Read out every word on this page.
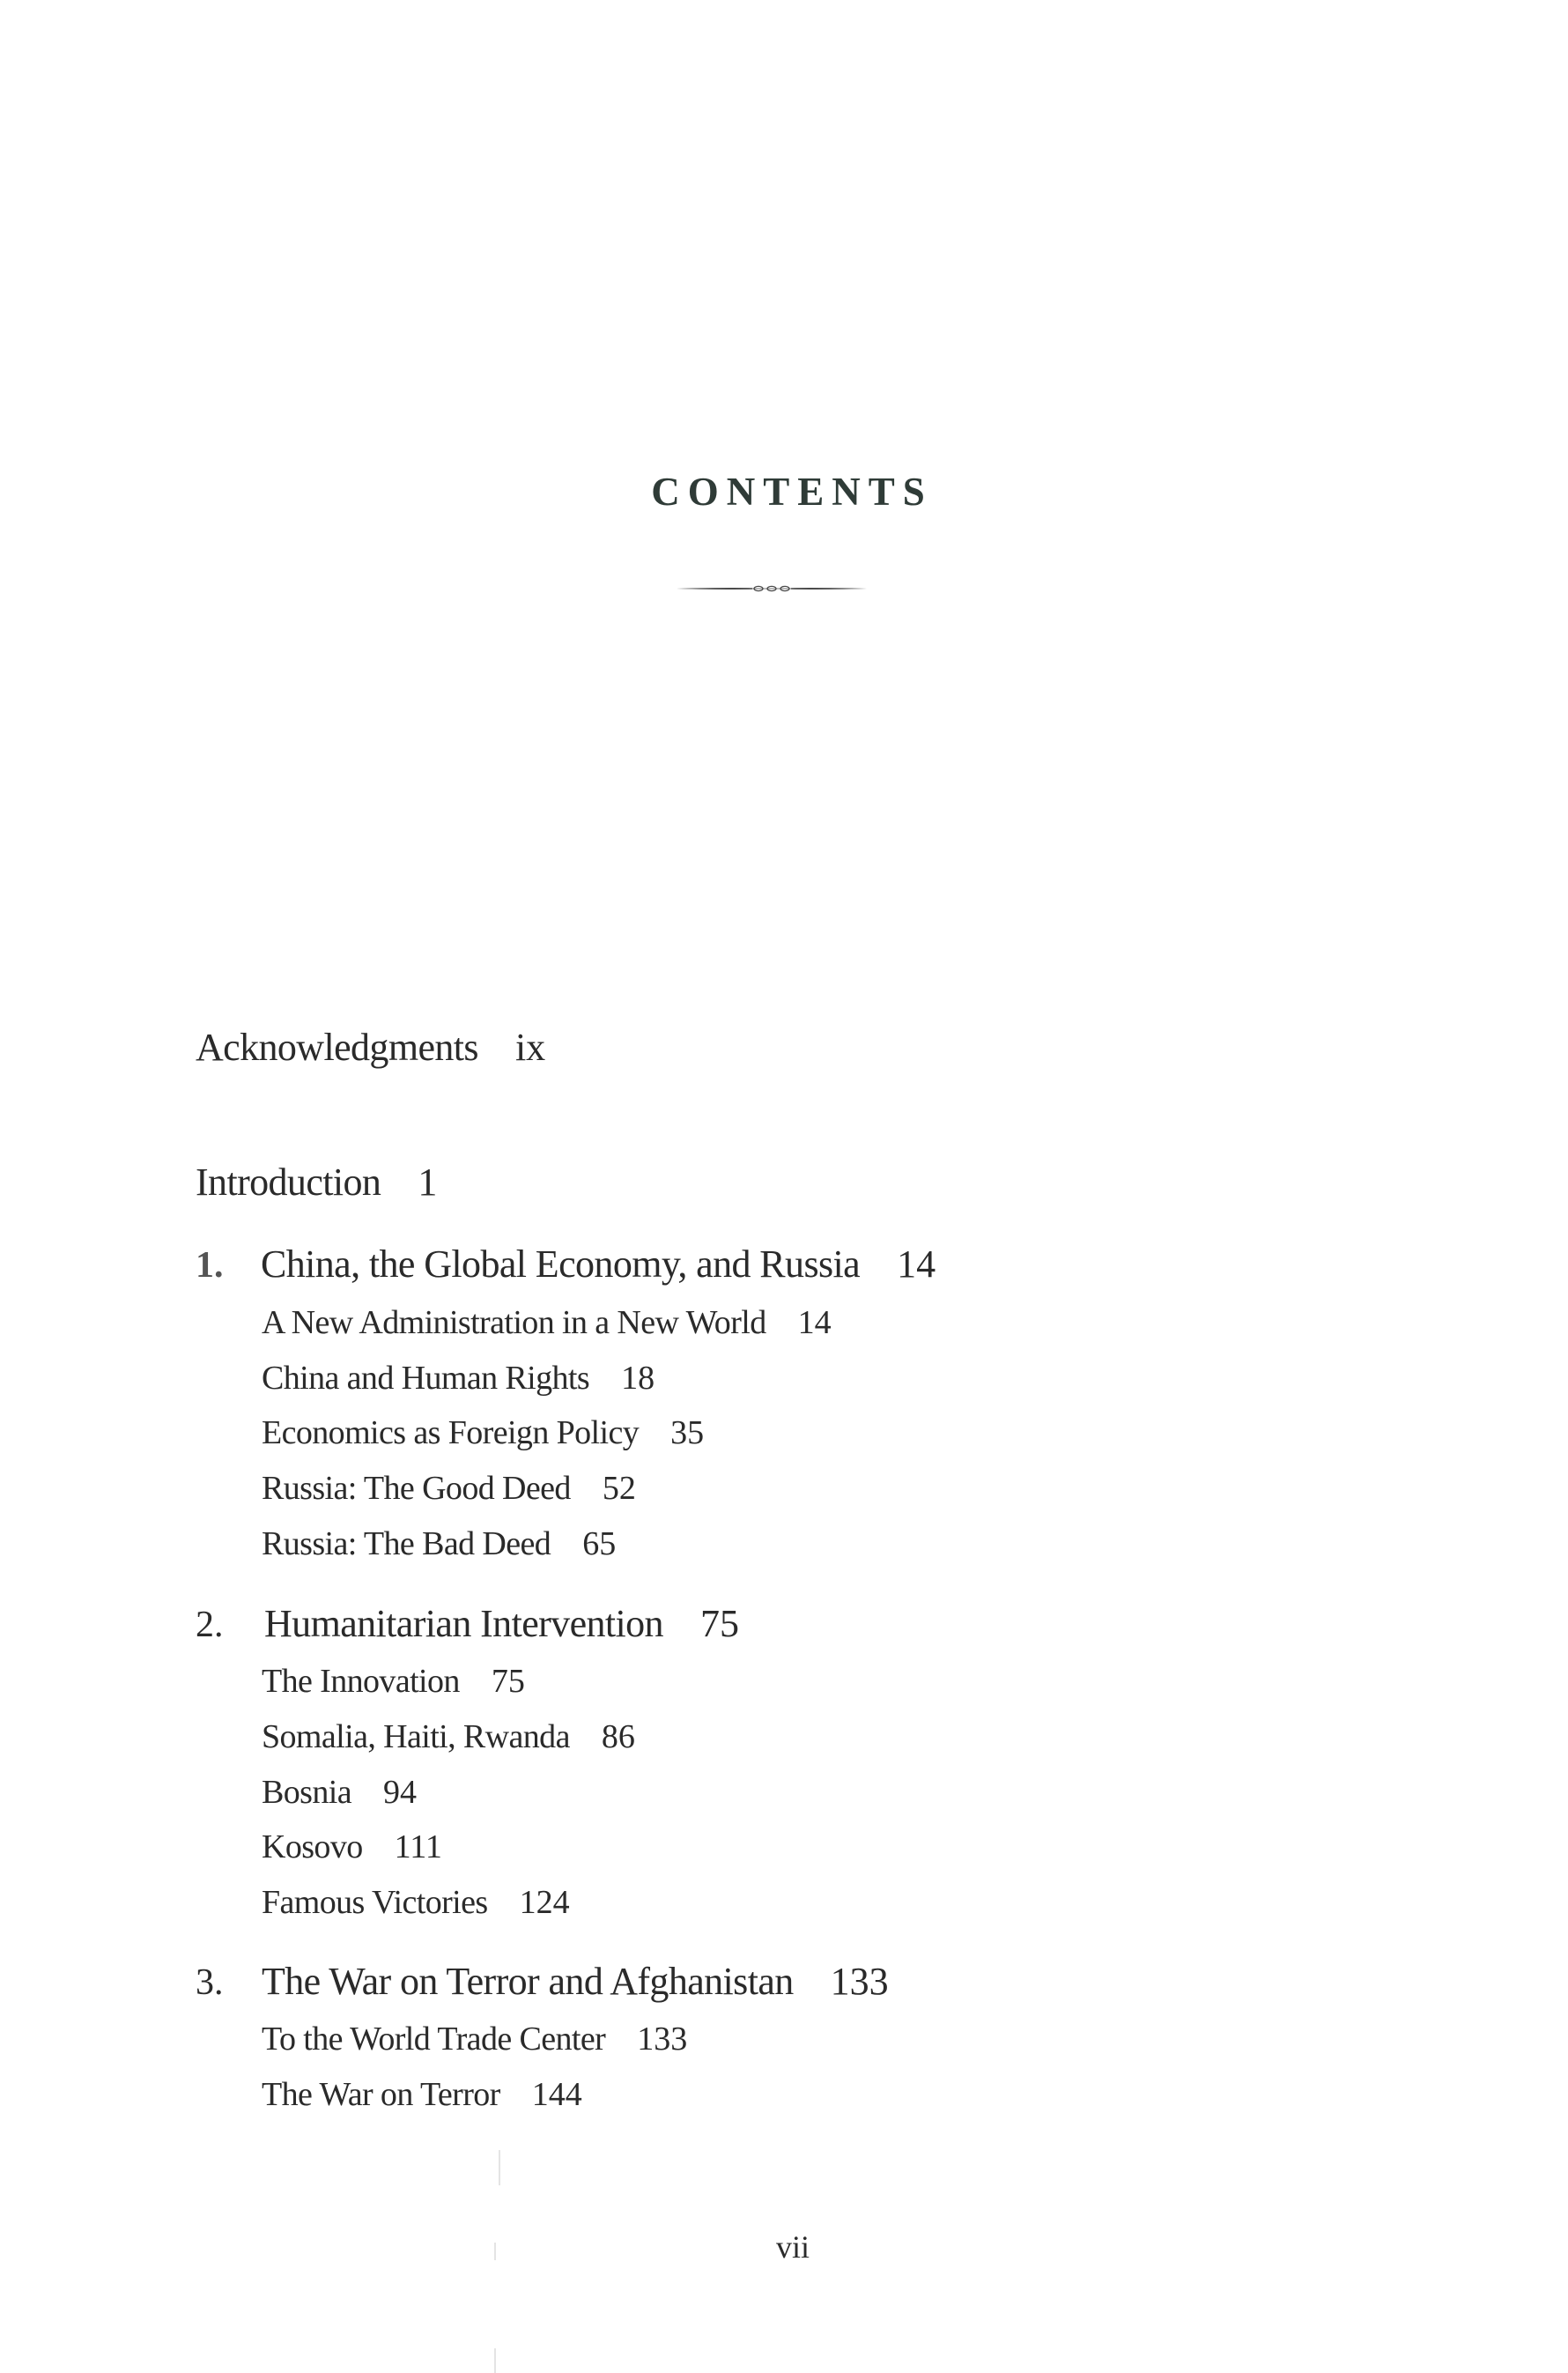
CONTENTS
Acknowledgments ix
Introduction 1
1. China, the Global Economy, and Russia 14
A New Administration in a New World 14
China and Human Rights 18
Economics as Foreign Policy 35
Russia: The Good Deed 52
Russia: The Bad Deed 65
2. Humanitarian Intervention 75
The Innovation 75
Somalia, Haiti, Rwanda 86
Bosnia 94
Kosovo 111
Famous Victories 124
3. The War on Terror and Afghanistan 133
To the World Trade Center 133
The War on Terror 144
vii
